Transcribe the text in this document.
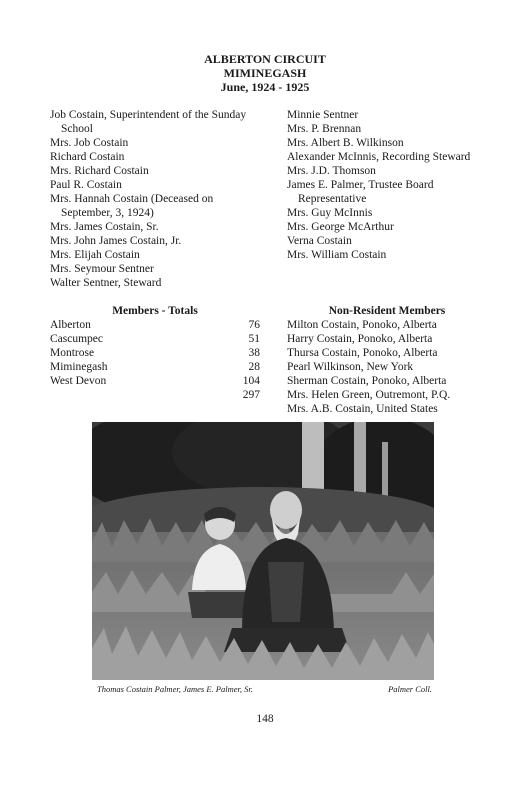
ALBERTON CIRCUIT
MIMINEGASH
June, 1924 - 1925
Job Costain, Superintendent of the Sunday School
Mrs. Job Costain
Richard Costain
Mrs. Richard Costain
Paul R. Costain
Mrs. Hannah Costain (Deceased on September, 3, 1924)
Mrs. James Costain, Sr.
Mrs. John James Costain, Jr.
Mrs. Elijah Costain
Mrs. Seymour Sentner
Walter Sentner, Steward
Minnie Sentner
Mrs. P. Brennan
Mrs. Albert B. Wilkinson
Alexander McInnis, Recording Steward
Mrs. J.D. Thomson
James E. Palmer, Trustee Board Representative
Mrs. Guy McInnis
Mrs. George McArthur
Verna Costain
Mrs. William Costain
Members - Totals
Alberton	76
Cascumpec	51
Montrose	38
Miminegash	28
West Devon	104
297
Non-Resident Members
Milton Costain, Ponoko, Alberta
Harry Costain, Ponoko, Alberta
Thursa Costain, Ponoko, Alberta
Pearl Wilkinson, New York
Sherman Costain, Ponoko, Alberta
Mrs. Helen Green, Outremont, P.Q.
Mrs. A.B. Costain, United States
Thomas Costain Palmer, James E. Palmer, Sr.	Palmer Coll.
148
